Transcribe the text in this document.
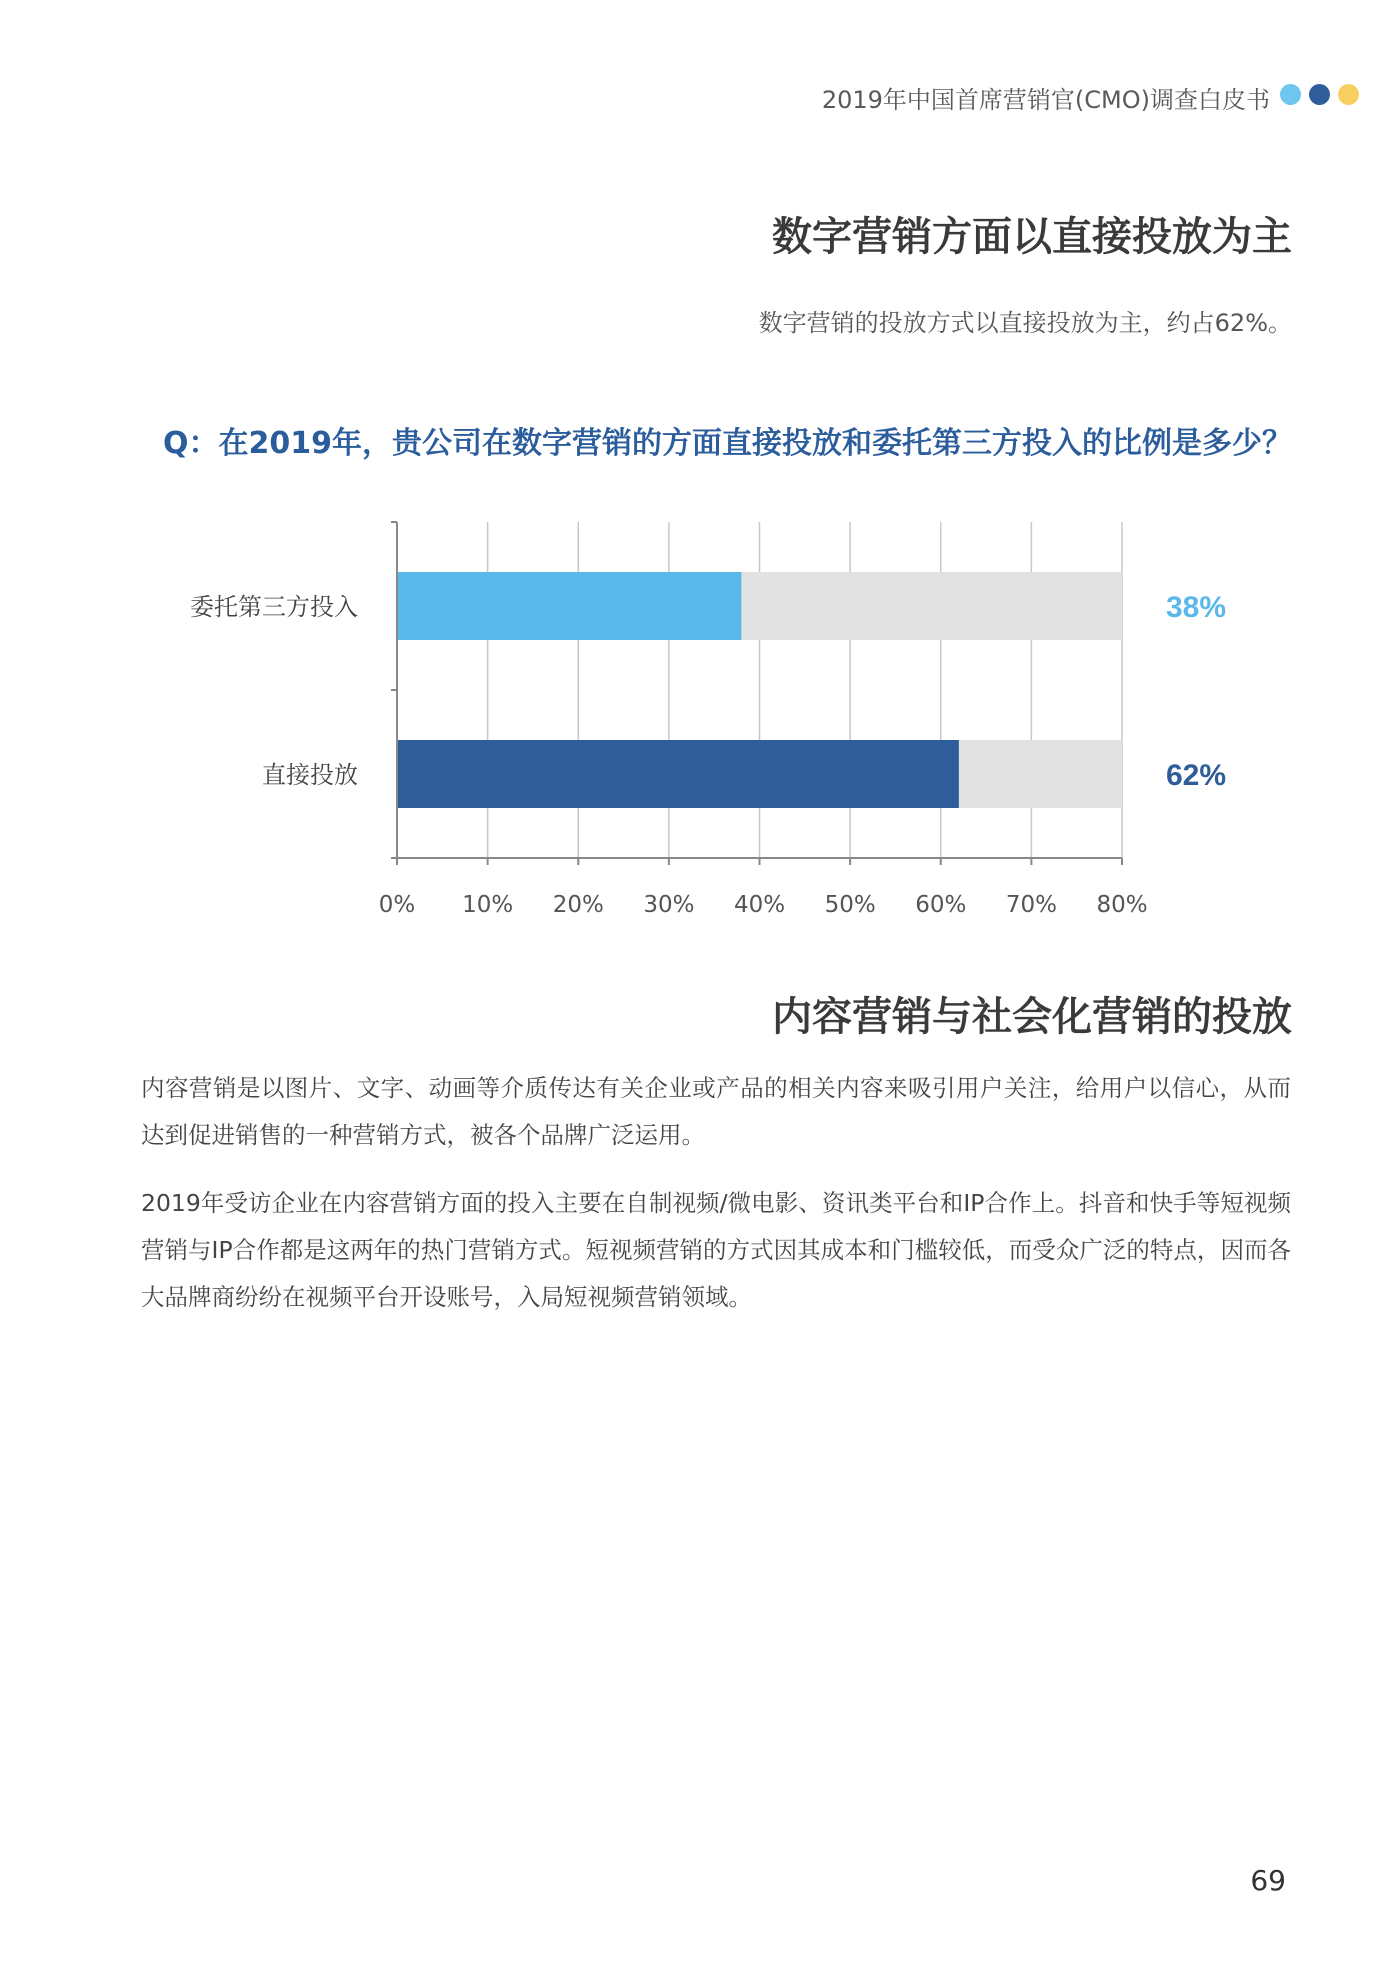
2019年中国首席营销官(CMO)调查白皮书
数字营销方面以直接投放为主
数字营销的投放方式以直接投放为主，约占62%。
Q：在2019年，贵公司在数字营销的方面直接投放和委托第三方投入的比例是多少？
委托第三方投入	38%
直接投放	62%
0% 10% 20% 30% 40% 50% 60% 70% 80%
内容营销与社会化营销的投放
内容营销是以图片、文字、动画等介质传达有关企业或产品的相关内容来吸引用户关注，给用户以信心，从而达到促进销售的一种营销方式，被各个品牌广泛运用。
2019年受访企业在内容营销方面的投入主要在自制视频/微电影、资讯类平台和IP合作上。抖音和快手等短视频营销与IP合作都是这两年的热门营销方式。短视频营销的方式因其成本和门槛较低，而受众广泛的特点，因而各大品牌商纷纷在视频平台开设账号，入局短视频营销领域。
69
